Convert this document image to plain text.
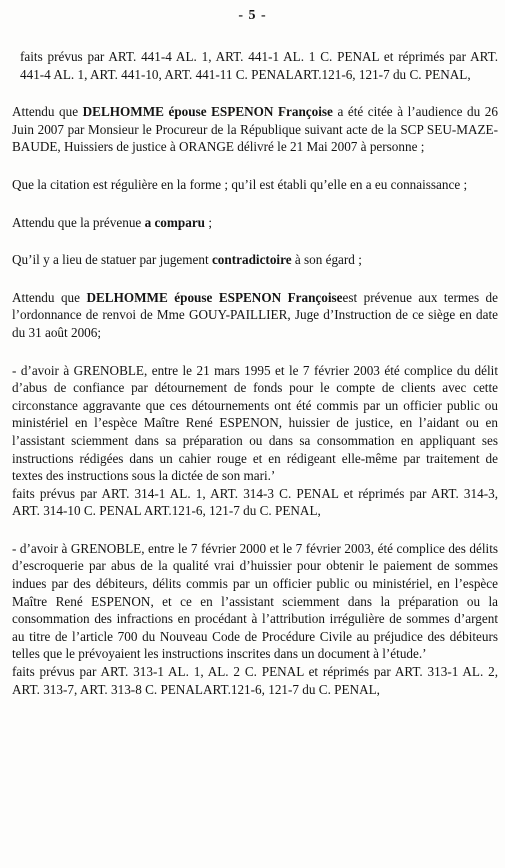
- 5 -

faits prévus par ART. 441-4 AL. 1, ART. 441-1 AL. 1 C. PENAL et réprimés par ART. 441-4 AL. 1, ART. 441-10, ART. 441-11 C. PENALART.121-6, 121-7 du C. PENAL,

Attendu que DELHOMME épouse ESPENON Françoise a été citée à l’audience du 26 Juin 2007 par Monsieur le Procureur de la République suivant acte de la SCP SEU-MAZE-BAUDE, Huissiers de justice à ORANGE délivré le 21 Mai 2007 à personne ;

Que la citation est régulière en la forme ; qu’il est établi qu’elle en a eu connaissance ;

Attendu que la prévenue a comparu ;

Qu’il y a lieu de statuer par jugement contradictoire à son égard ;

Attendu que DELHOMME épouse ESPENON Françoiseest prévenue aux termes de l’ordonnance de renvoi de Mme GOUY-PAILLIER, Juge d’Instruction de ce siège en date du 31 août 2006;

- d’avoir à GRENOBLE, entre le 21 mars 1995 et le 7 février 2003 été complice du délit d’abus de confiance par détournement de fonds pour le compte de clients avec cette circonstance aggravante que ces détournements ont été commis par un officier public ou ministériel en l’espèce Maître René ESPENON, huissier de justice, en l’aidant ou en l’assistant sciemment dans sa préparation ou dans sa consommation en appliquant ses instructions rédigées dans un cahier rouge et en rédigeant elle-même par traitement de textes des instructions sous la dictée de son mari.’

faits prévus par ART. 314-1 AL. 1, ART. 314-3 C. PENAL et réprimés par ART. 314-3, ART. 314-10 C. PENAL ART.121-6, 121-7 du C. PENAL,

- d’avoir à GRENOBLE, entre le 7 février 2000 et le 7 février 2003, été complice des délits d’escroquerie par abus de la qualité vrai d’huissier pour obtenir le paiement de sommes indues par des débiteurs, délits commis par un officier public ou ministériel, en l’espèce Maître René ESPENON, et ce en l’assistant sciemment dans la préparation ou la consommation des infractions en procédant à l’attribution irrégulière de sommes d’argent au titre de l’article 700 du Nouveau Code de Procédure Civile au préjudice des débiteurs telles que le prévoyaient les instructions inscrites dans un document à l’étude.’

faits prévus par ART. 313-1 AL. 1, AL. 2 C. PENAL et réprimés par ART. 313-1 AL. 2, ART. 313-7, ART. 313-8 C. PENALART.121-6, 121-7 du C. PENAL,
